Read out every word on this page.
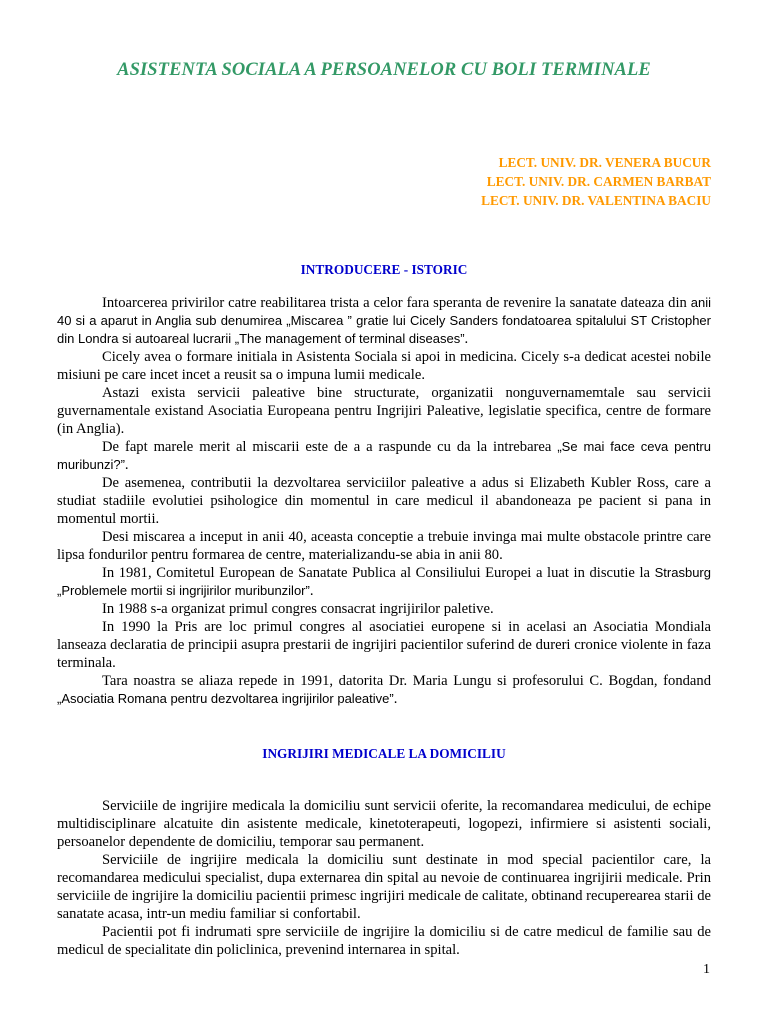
ASISTENTA SOCIALA A PERSOANELOR CU BOLI TERMINALE
LECT. UNIV. DR. VENERA BUCUR
LECT. UNIV. DR. CARMEN BARBAT
LECT. UNIV. DR. VALENTINA BACIU
INTRODUCERE - ISTORIC

Intoarcerea privirilor catre reabilitarea trista a celor fara speranta de revenire la sanatate dateaza din anii 40 si a aparut in Anglia sub denumirea „Miscarea ” gratie lui Cicely Sanders fondatoarea spitalului ST Cristopher din Londra si autoareal lucrarii „The management of terminal diseases”.

Cicely avea o formare initiala in Asistenta Sociala si apoi in medicina. Cicely s-a dedicat acestei nobile misiuni pe care incet incet a reusit sa o impuna lumii medicale.

Astazi exista servicii paleative bine structurate, organizatii nonguvernamemtale sau servicii guvernamentale existand Asociatia Europeana pentru Ingrijiri Paleative, legislatie specifica, centre de formare (in Anglia).

De fapt marele merit al miscarii este de a a raspunde cu da la intrebarea „Se mai face ceva pentru muribunzi?”.

De asemenea, contributii la dezvoltarea serviciilor paleative a adus si Elizabeth Kubler Ross, care a studiat stadiile evolutiei psihologice din momentul in care medicul il abandoneaza pe pacient si pana in momentul mortii.

Desi miscarea a inceput in anii 40, aceasta conceptie a trebuie invinga mai multe obstacole printre care lipsa fondurilor pentru formarea de centre, materializandu-se abia in anii 80.

In 1981, Comitetul European de Sanatate Publica al Consiliului Europei a luat in discutie la Strasburg „Problemele mortii si ingrijirilor muribunzilor”.

In 1988 s-a organizat primul congres consacrat ingrijirilor paletive.

In 1990 la Pris are loc primul congres al asociatiei europene si in acelasi an Asociatia Mondiala lanseaza declaratia de principii asupra prestarii de ingrijiri pacientilor suferind de dureri cronice violente in faza terminala.

Tara noastra se aliaza repede in 1991, datorita Dr. Maria Lungu si profesorului C. Bogdan, fondand „Asociatia Romana pentru dezvoltarea ingrijirilor paleative”.

INGRIJIRI MEDICALE LA DOMICILIU

Serviciile de ingrijire medicala la domiciliu sunt servicii oferite, la recomandarea medicului, de echipe multidisciplinare alcatuite din asistente medicale, kinetoterapeuti, logopezi, infirmiere si asistenti sociali, persoanelor dependente de domiciliu, temporar sau permanent.

Serviciile de ingrijire medicala la domiciliu sunt destinate in mod special pacientilor care, la recomandarea medicului specialist, dupa externarea din spital au nevoie de continuarea ingrijirii medicale. Prin serviciile de ingrijire la domiciliu pacientii primesc ingrijiri medicale de calitate, obtinand recuperearea starii de sanatate acasa, intr-un mediu familiar si confortabil.

Pacientii pot fi indrumati spre serviciile de ingrijire la domiciliu si de catre medicul de familie sau de medicul de specialitate din policlinica, prevenind internarea in spital.

1
